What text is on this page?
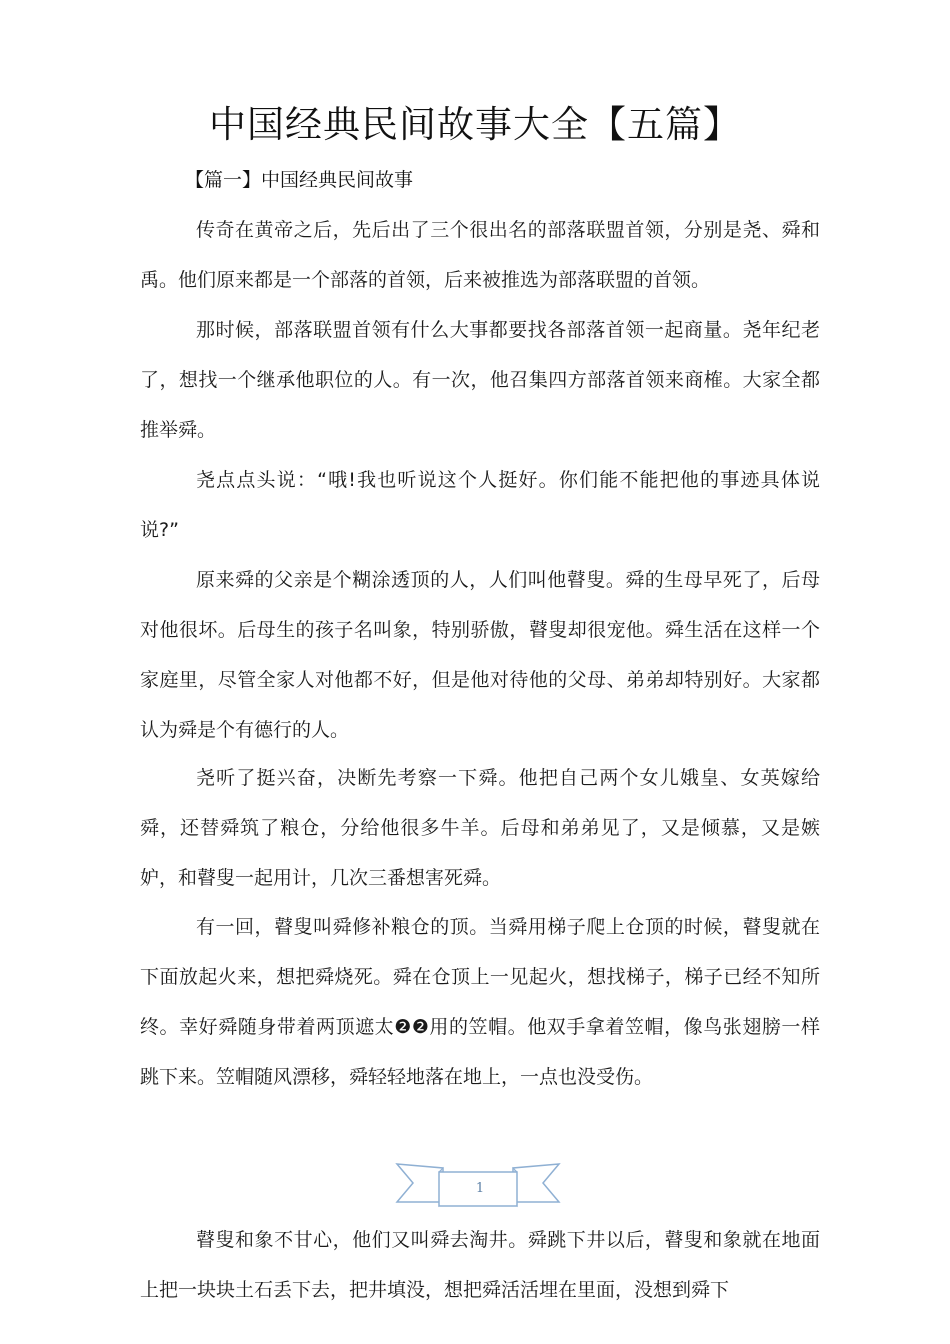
中国经典民间故事大全【五篇】
【篇一】中国经典民间故事

传奇在黄帝之后，先后出了三个很出名的部落联盟首领，分别是尧、舜和禹。他们原来都是一个部落的首领，后来被推选为部落联盟的首领。

那时候，部落联盟首领有什么大事都要找各部落首领一起商量。尧年纪老了，想找一个继承他职位的人。有一次，他召集四方部落首领来商榷。大家全都推举舜。

尧点点头说：“哦!我也听说这个人挺好。你们能不能把他的事迹具体说说?”

原来舜的父亲是个糊涂透顶的人，人们叫他瞽叟。舜的生母早死了，后母对他很坏。后母生的孩子名叫象，特别骄傲，瞽叟却很宠他。舜生活在这样一个家庭里，尽管全家人对他都不好，但是他对待他的父母、弟弟却特别好。大家都认为舜是个有德行的人。

尧听了挺兴奋，决断先考察一下舜。他把自己两个女儿娥皇、女英嫁给舜，还替舜筑了粮仓，分给他很多牛羊。后母和弟弟见了，又是倾慕，又是嫉妒，和瞽叟一起用计，几次三番想害死舜。

有一回，瞽叟叫舜修补粮仓的顶。当舜用梯子爬上仓顶的时候，瞽叟就在下面放起火来，想把舜烧死。舜在仓顶上一见起火，想找梯子，梯子已经不知所终。幸好舜随身带着两顶遮太❷❷用的笠帽。他双手拿着笠帽，像鸟张翅膀一样跳下来。笠帽随风漂移，舜轻轻地落在地上，一点也没受伤。

1

瞽叟和象不甘心，他们又叫舜去淘井。舜跳下井以后，瞽叟和象就在地面上把一块块土石丢下去，把井填没，想把舜活活埋在里面，没想到舜下
